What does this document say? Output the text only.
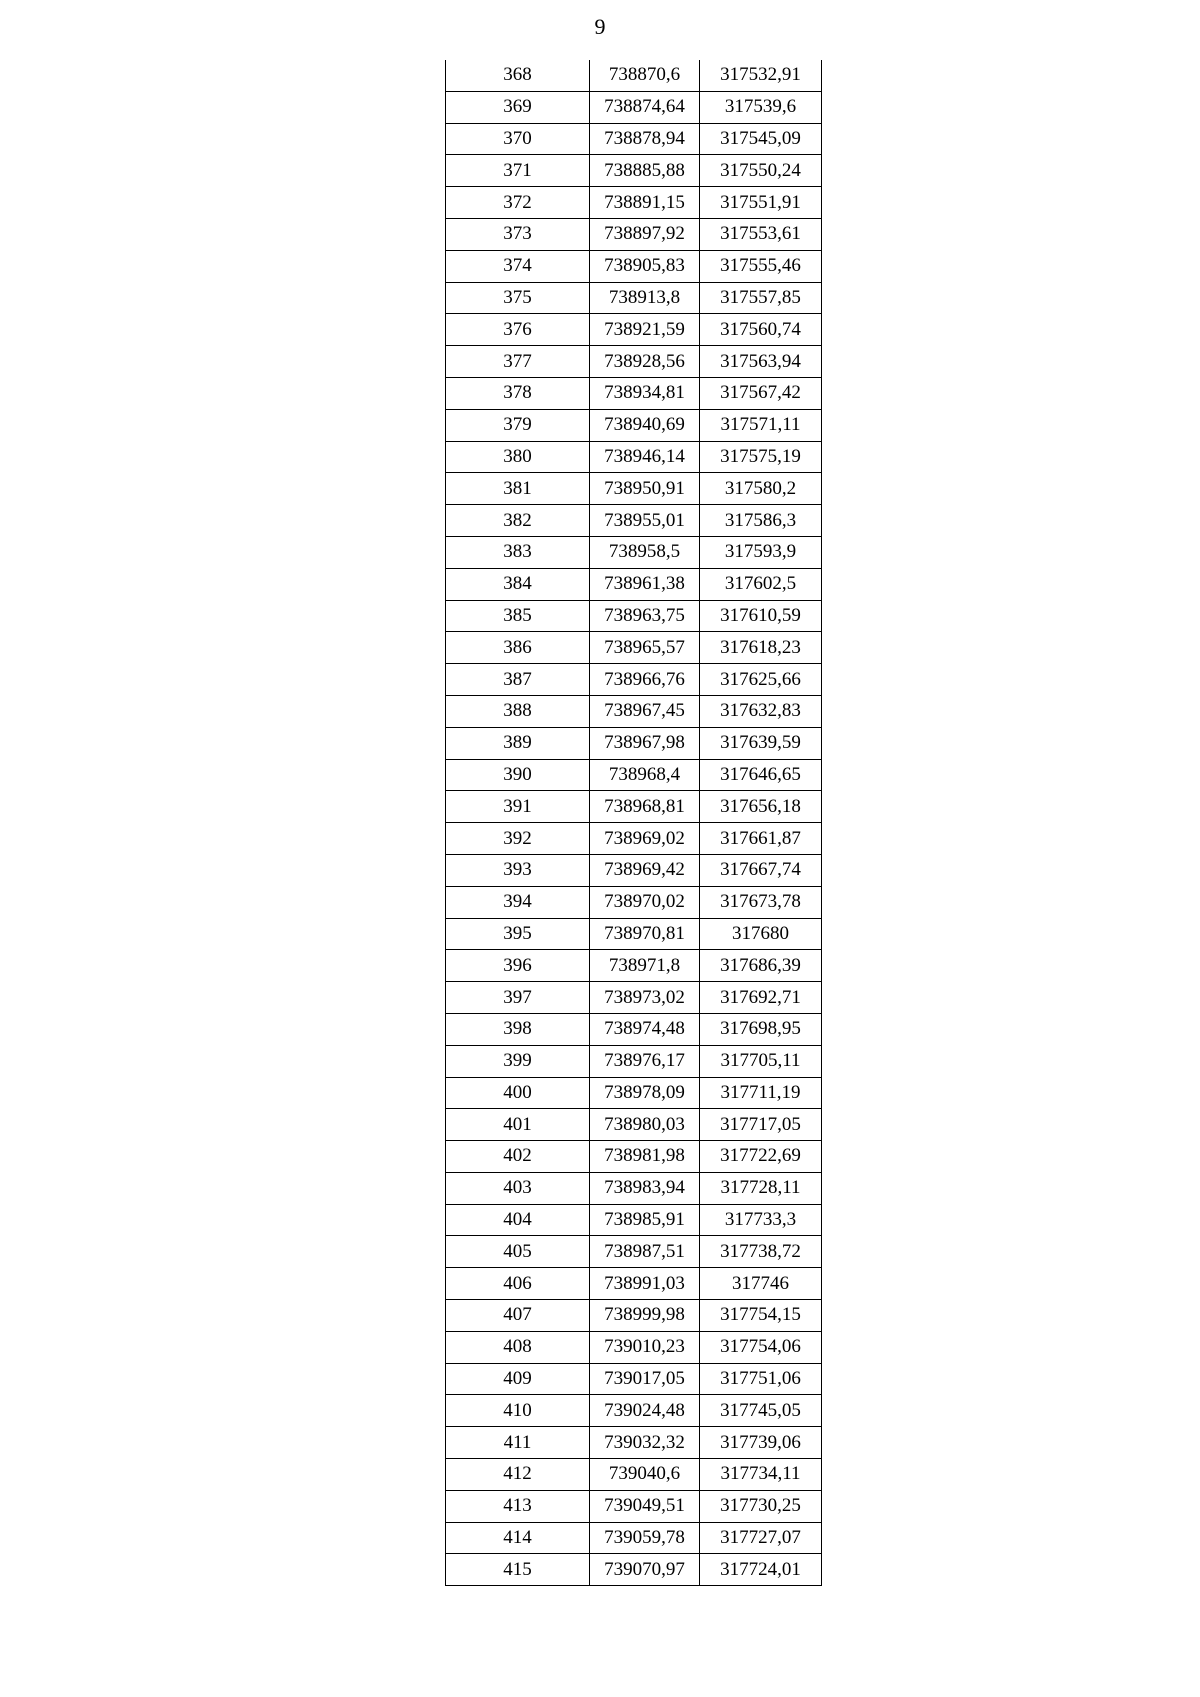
9
368	738870,6	317532,91
369	738874,64	317539,6
370	738878,94	317545,09
371	738885,88	317550,24
372	738891,15	317551,91
373	738897,92	317553,61
374	738905,83	317555,46
375	738913,8	317557,85
376	738921,59	317560,74
377	738928,56	317563,94
378	738934,81	317567,42
379	738940,69	317571,11
380	738946,14	317575,19
381	738950,91	317580,2
382	738955,01	317586,3
383	738958,5	317593,9
384	738961,38	317602,5
385	738963,75	317610,59
386	738965,57	317618,23
387	738966,76	317625,66
388	738967,45	317632,83
389	738967,98	317639,59
390	738968,4	317646,65
391	738968,81	317656,18
392	738969,02	317661,87
393	738969,42	317667,74
394	738970,02	317673,78
395	738970,81	317680
396	738971,8	317686,39
397	738973,02	317692,71
398	738974,48	317698,95
399	738976,17	317705,11
400	738978,09	317711,19
401	738980,03	317717,05
402	738981,98	317722,69
403	738983,94	317728,11
404	738985,91	317733,3
405	738987,51	317738,72
406	738991,03	317746
407	738999,98	317754,15
408	739010,23	317754,06
409	739017,05	317751,06
410	739024,48	317745,05
411	739032,32	317739,06
412	739040,6	317734,11
413	739049,51	317730,25
414	739059,78	317727,07
415	739070,97	317724,01
